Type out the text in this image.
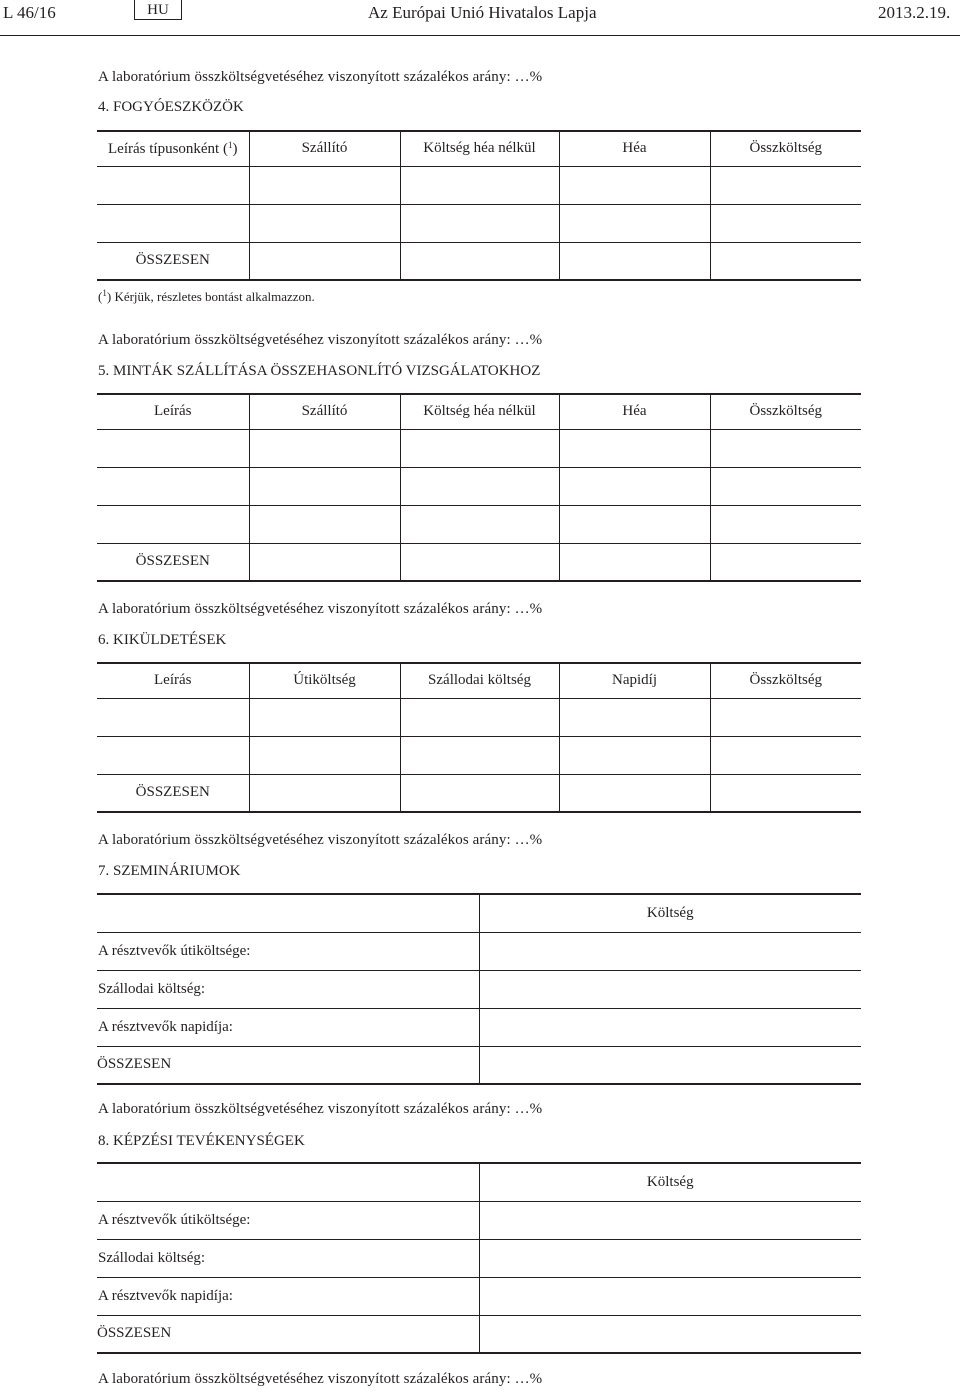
L 46/16	HU	Az Európai Unió Hivatalos Lapja	2013.2.19.
A laboratórium összköltségvetéséhez viszonyított százalékos arány: …%
4. FOGYÓESZKÖZÖK
Leírás típusonként ($^1$)	Szállító	Költség héa nélkül	Héa	Összköltség

ÖSSZESEN				
($^1$) Kérjük, részletes bontást alkalmazzon.
A laboratórium összköltségvetéséhez viszonyított százalékos arány: …%
5. MINTÁK SZÁLLÍTÁSA ÖSSZEHASONLÍTÓ VIZSGÁLATOKHOZ
Leírás	Szállító	Költség héa nélkül	Héa	Összköltség

ÖSSZESEN				
A laboratórium összköltségvetéséhez viszonyított százalékos arány: …%
6. KIKÜLDETÉSEK
Leírás	Útiköltség	Szállodai költség	Napidíj	Összköltség

ÖSSZESEN				
A laboratórium összköltségvetéséhez viszonyított százalékos arány: …%
7. SZEMINÁRIUMOK
	Költség
A résztvevők útiköltsége:	
Szállodai költség:	
A résztvevők napidíja:	
ÖSSZESEN	
A laboratórium összköltségvetéséhez viszonyított százalékos arány: …%
8. KÉPZÉSI TEVÉKENYSÉGEK
	Költség
A résztvevők útiköltsége:	
Szállodai költség:	
A résztvevők napidíja:	
ÖSSZESEN	
A laboratórium összköltségvetéséhez viszonyított százalékos arány: …%
